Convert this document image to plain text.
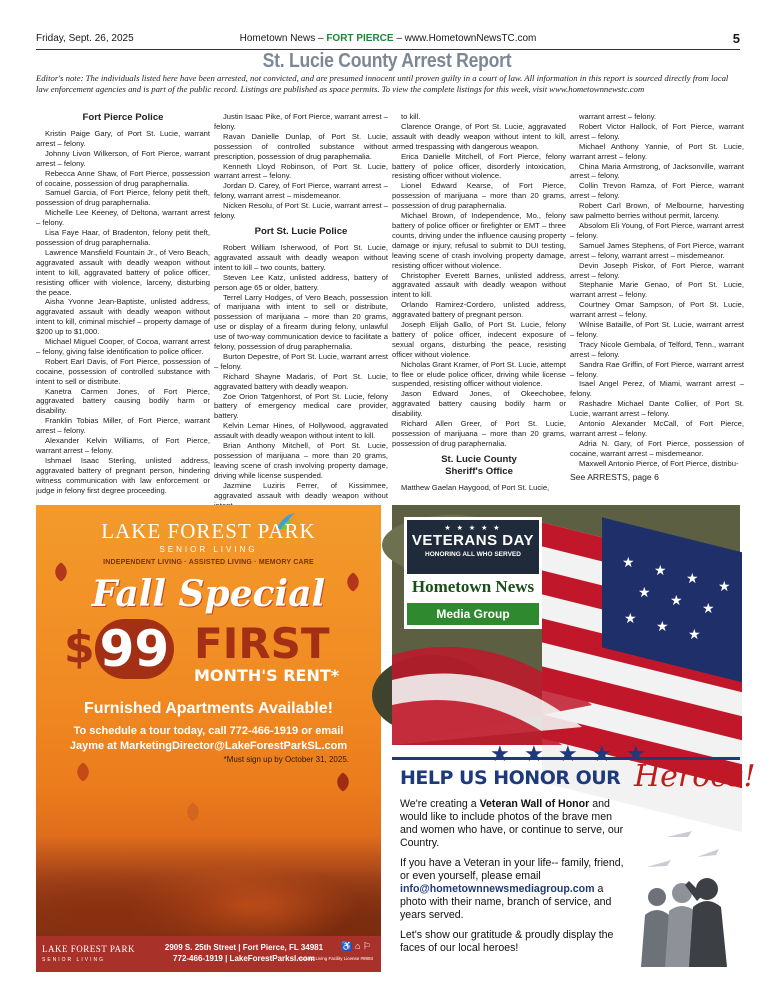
Friday, Sept. 26, 2025	Hometown News – FORT PIERCE – www.HometownNewsTC.com	5
St. Lucie County Arrest Report
Editor's note: The individuals listed here have been arrested, not convicted, and are presumed innocent until proven guilty in a court of law. All information in this report is sourced directly from local law enforcement agencies and is part of the public record. Listings are published as space permits. To view the complete listings for this week, visit www.hometownnewstc.com
Fort Pierce Police

Kristin Paige Gary, of Port St. Lucie, warrant arrest – felony.

Johnny Livon Wilkerson, of Fort Pierce, warrant arrest – felony.

Rebecca Anne Shaw, of Fort Pierce, possession of cocaine, possession of drug paraphernalia.

Samuel Garcia, of Fort Pierce, felony petit theft, possession of drug paraphernalia.

Michelle Lee Keeney, of Deltona, warrant arrest – felony.

Lisa Faye Haar, of Bradenton, felony petit theft, possession of drug paraphernalia.

Lawrence Mansfield Fountain Jr., of Vero Beach, aggravated assault with deadly weapon without intent to kill, aggravated battery of police officer, resisting officer with violence, larceny, disturbing the peace.

Aisha Yvonne Jean-Baptiste, unlisted address, aggravated assault with deadly weapon without intent to kill, criminal mischief – property damage of $200 up to $1,000.

Michael Miguel Cooper, of Cocoa, warrant arrest – felony, giving false identification to police officer.

Robert Earl Davis, of Fort Pierce, possession of cocaine, possession of controlled substance with intent to sell or distribute.

Kanetra Carmen Jones, of Fort Pierce, aggravated battery causing bodily harm or disability.

Franklin Tobias Miller, of Fort Pierce, warrant arrest – felony.

Alexander Kelvin Williams, of Fort Pierce, warrant arrest – felony.

Ishmael Isaac Sterling, unlisted address, aggravated battery of pregnant person, hindering witness communication with law enforcement or judge in felony first degree proceeding.

Justin Isaac Pike, of Fort Pierce, warrant arrest – felony.

Ravan Danielle Dunlap, of Port St. Lucie, possession of controlled substance without prescription, possession of drug paraphernalia.

Kenneth Lloyd Robinson, of Port St. Lucie, warrant arrest – felony.

Jordan D. Carey, of Fort Pierce, warrant arrest – felony, warrant arrest – misdemeanor.

Nicken Resolu, of Port St. Lucie, warrant arrest – felony.

Port St. Lucie Police

Robert William Isherwood, of Port St. Lucie, aggravated assault with deadly weapon without intent to kill – two counts, battery.

Steven Lee Katz, unlisted address, battery of person age 65 or older, battery.

Terrel Larry Hodges, of Vero Beach, possession of marijuana with intent to sell or distribute, possession of marijuana – more than 20 grams, use or display of a firearm during felony, unlawful use of two-way communication device to facilitate a felony, possession of drug paraphernalia.

Burton Depestre, of Port St. Lucie, warrant arrest – felony.

Richard Shayne Madaris, of Port St. Lucie, aggravated battery with deadly weapon.

Zoe Orion Tatgenhorst, of Port St. Lucie, felony battery of emergency medical care provider, battery.

Kelvin Lemar Hines, of Hollywood, aggravated assault with deadly weapon without intent to kill.

Brian Anthony Mitchell, of Port St. Lucie, possession of marijuana – more than 20 grams, leaving scene of crash involving property damage, driving while license suspended.

Jazmine Luziris Ferrer, of Kissimmee, aggravated assault with deadly weapon without

to kill.

Clarence Orange, of Port St. Lucie, aggravated assault with deadly weapon without intent to kill, armed trespassing with dangerous weapon.

Erica Danielle Mitchell, of Fort Pierce, felony battery of police officer, disorderly intoxication, resisting officer without violence.

Lionel Edward Kearse, of Fort Pierce, possession of marijuana – more than 20 grams, possession of drug paraphernalia.

Michael Brown, of Independence, Mo., felony battery of police officer or firefighter or EMT – three counts, driving under the influence causing property damage or injury, refusal to submit to DUI testing, leaving scene of crash involving property damage, resisting officer without violence.

Christopher Everett Barnes, unlisted address, aggravated assault with deadly weapon without intent to kill.

Orlando Ramirez-Cordero, unlisted address, aggravated battery of pregnant person.

Joseph Elijah Gallo, of Port St. Lucie, felony battery of police officer, indecent exposure of sexual organs, disturbing the peace, resisting officer without violence.

Nicholas Grant Kramer, of Port St. Lucie, attempt to flee or elude police officer, driving while license suspended, resisting officer without violence.

Jason Edward Jones, of Okeechobee, aggravated battery causing bodily harm or disability.

Richard Allen Greer, of Port St. Lucie, possession of marijuana – more than 20 grams, possession of drug paraphernalia.

St. Lucie County Sheriff's Office

Matthew Gaelan Haygood, of Port St. Lucie,

warrant arrest – felony.

Robert Victor Hallock, of Fort Pierce, warrant arrest – felony.

Michael Anthony Yannie, of Port St. Lucie, warrant arrest – felony.

China Maria Armstrong, of Jacksonville, warrant arrest – felony.

Collin Trevon Ramza, of Fort Pierce, warrant arrest – felony.

Robert Carl Brown, of Melbourne, harvesting saw palmetto berries without permit, larceny.

Absolom Eli Young, of Fort Pierce, warrant arrest – felony.

Samuel James Stephens, of Fort Pierce, warrant arrest – felony, warrant arrest – misdemeanor.

Devin Joseph Piskor, of Fort Pierce, warrant arrest – felony.

Stephanie Marie Genao, of Port St. Lucie, warrant arrest – felony.

Courtney Omar Sampson, of Port St. Lucie, warrant arrest – felony.

Wilnise Bataille, of Port St. Lucie, warrant arrest – felony.

Tracy Nicole Gembala, of Telford, Tenn., warrant arrest – felony.

Sandra Rae Griffin, of Fort Pierce, warrant arrest – felony.

Isael Angel Perez, of Miami, warrant arrest – felony.

Rashadre Michael Dante Collier, of Port St. Lucie, warrant arrest – felony.

Antonio Alexander McCall, of Fort Pierce, warrant arrest – felony.

Adria N. Gary, of Fort Pierce, possession of cocaine, warrant arrest – misdemeanor.

Maxwell Antonio Pierce, of Fort Pierce, distribu-

See ARRESTS, page 6

LAKE FOREST PARK
SENIOR LIVING
INDEPENDENT LIVING · ASSISTED LIVING · MEMORY CARE
Fall Special
$ 99 FIRST
MONTH'S RENT*
Furnished Apartments Available!
To schedule a tour today, call 772-466-1919 or email
Jayme at MarketingDirector@LakeForestParkSL.com
*Must sign up by October 31, 2025.
LAKE FOREST PARK
SENIOR LIVING
2909 S. 25th Street | Fort Pierce, FL 34981
772-466-1919 | LakeForestParksl.com
♿ ⌂ ⚐
Assisted Living Facility License #9993
★ ★ ★ ★
★ ★ ★
★ ★ ★
★ ★ ★ ★ ★
VETERANS DAY
HONORING ALL WHO SERVED
Hometown News
Media Group
★ ★ ★ ★ ★
HELP US HONOR OUR Heroes!
We're creating a Veteran Wall of Honor and would like to include photos of the brave men and women who have, or continue to serve, our Country.
If you have a Veteran in your life-- family, friend, or even yourself, please email info@hometownnewsmediagroup.com a photo with their name, branch of service, and years served.
Let's show our gratitude & proudly display the faces of our local heroes!
